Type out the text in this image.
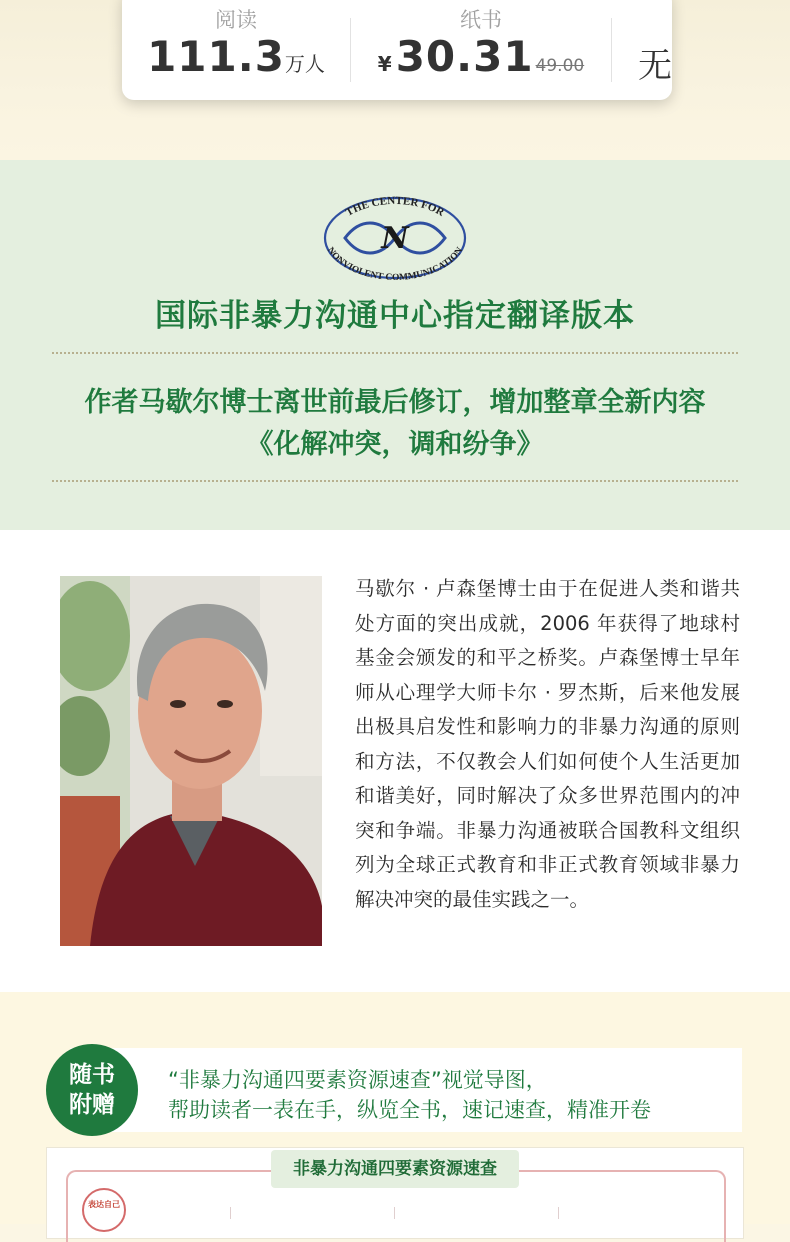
阅读
111.3万人
纸书
¥30.31 49.00	无
N
THE CENTER FOR
NONVIOLENT COMMUNICATION
国际非暴力沟通中心指定翻译版本
作者马歇尔博士离世前最后修订，增加整章全新内容
《化解冲突，调和纷争》
马歇尔 · 卢森堡博士由于在促进人类和谐共处方面的突出成就，2006 年获得了地球村基金会颁发的和平之桥奖。卢森堡博士早年师从心理学大师卡尔 · 罗杰斯，后来他发展出极具启发性和影响力的非暴力沟通的原则和方法，不仅教会人们如何使个人生活更加和谐美好，同时解决了众多世界范围内的冲突和争端。非暴力沟通被联合国教科文组织列为全球正式教育和非正式教育领域非暴力解决冲突的最佳实践之一。
随书
附赠
“非暴力沟通四要素资源速查”视觉导图，
帮助读者一表在手，纵览全书，速记速查，精准开卷
非暴力沟通四要素资源速查
表达自己
